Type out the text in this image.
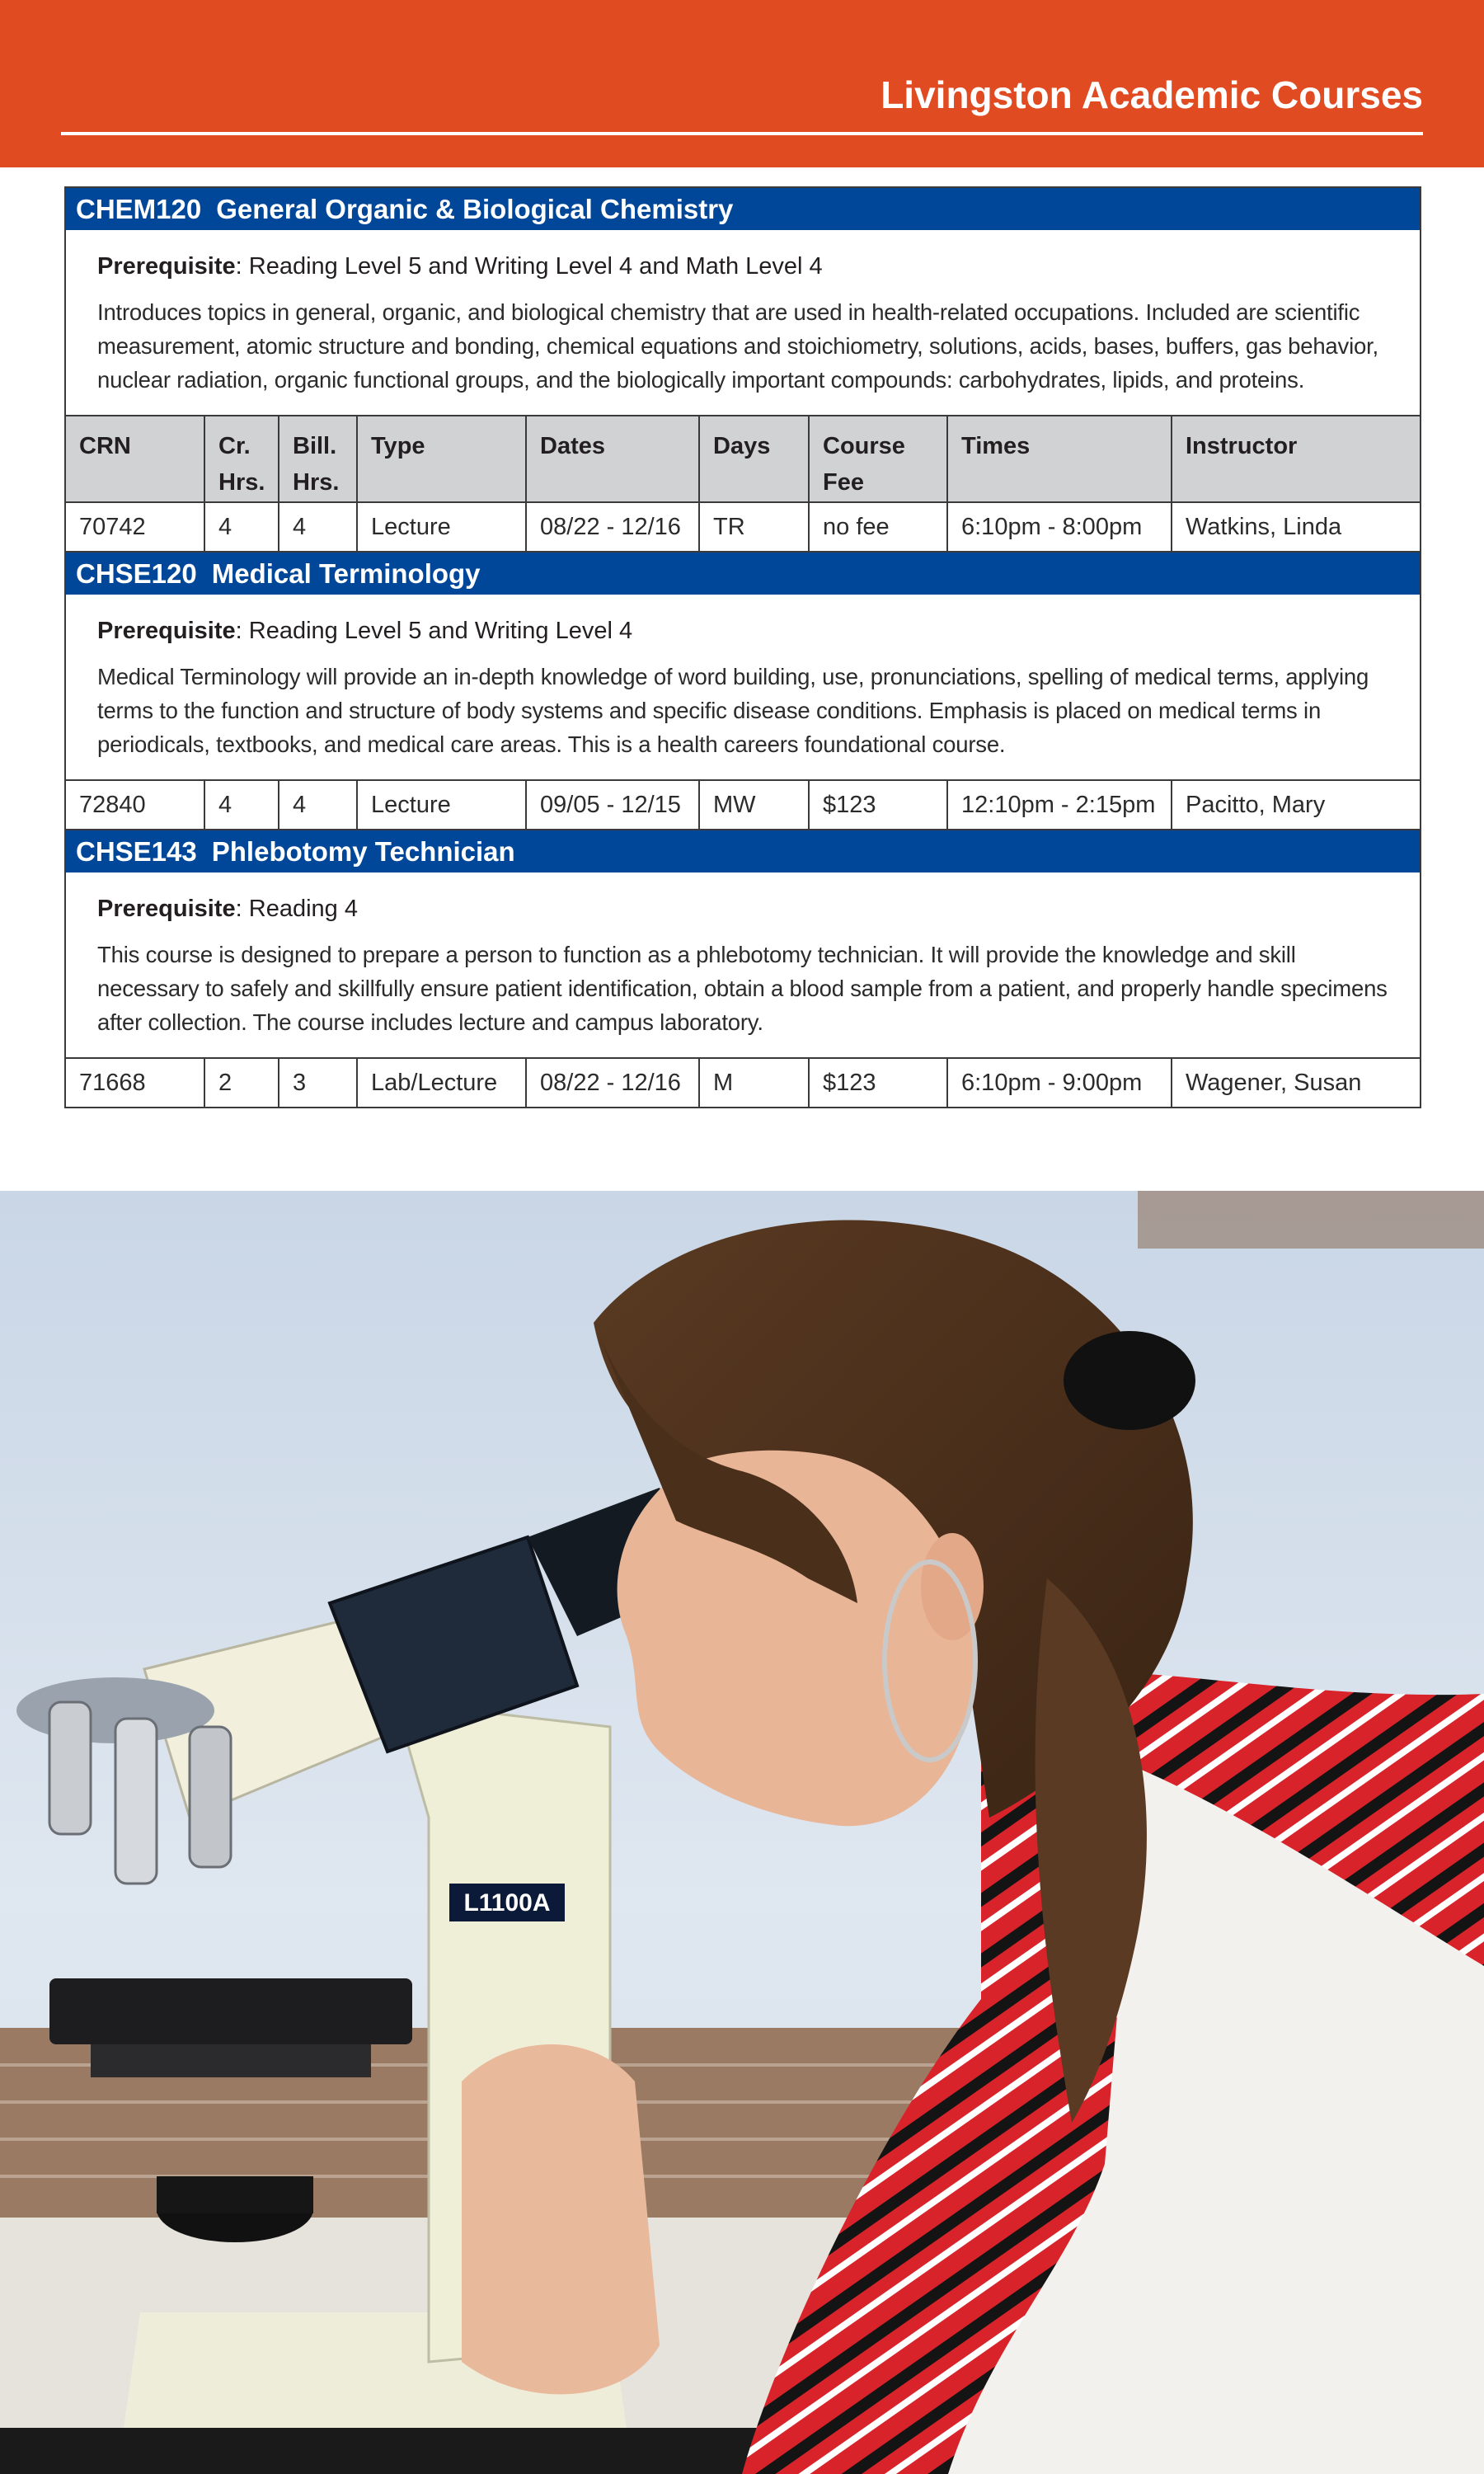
Livingston Academic Courses
CHEM120 General Organic & Biological Chemistry

Prerequisite: Reading Level 5 and Writing Level 4 and Math Level 4

Introduces topics in general, organic, and biological chemistry that are used in health-related occupations. Included are scientific measurement, atomic structure and bonding, chemical equations and stoichiometry, solutions, acids, bases, buffers, gas behavior, nuclear radiation, organic functional groups, and the biologically important compounds: carbohydrates, lipids, and proteins.

CRN	Cr. Hrs.	Bill. Hrs.	Type	Dates	Days	Course Fee	Times	Instructor
70742	4	4	Lecture	08/22 - 12/16	TR	no fee	6:10pm - 8:00pm	Watkins, Linda
CHSE120 Medical Terminology

Prerequisite: Reading Level 5 and Writing Level 4

Medical Terminology will provide an in-depth knowledge of word building, use, pronunciations, spelling of medical terms, applying terms to the function and structure of body systems and specific disease conditions. Emphasis is placed on medical terms in periodicals, textbooks, and medical care areas. This is a health careers foundational course.

72840	4	4	Lecture	09/05 - 12/15	MW	$123	12:10pm - 2:15pm	Pacitto, Mary
CHSE143 Phlebotomy Technician

Prerequisite: Reading 4

This course is designed to prepare a person to function as a phlebotomy technician. It will provide the knowledge and skill necessary to safely and skillfully ensure patient identification, obtain a blood sample from a patient, and properly handle specimens after collection. The course includes lecture and campus laboratory.

71668	2	3	Lab/Lecture	08/22 - 12/16	M	$123	6:10pm - 9:00pm	Wagener, Susan
L1100A
